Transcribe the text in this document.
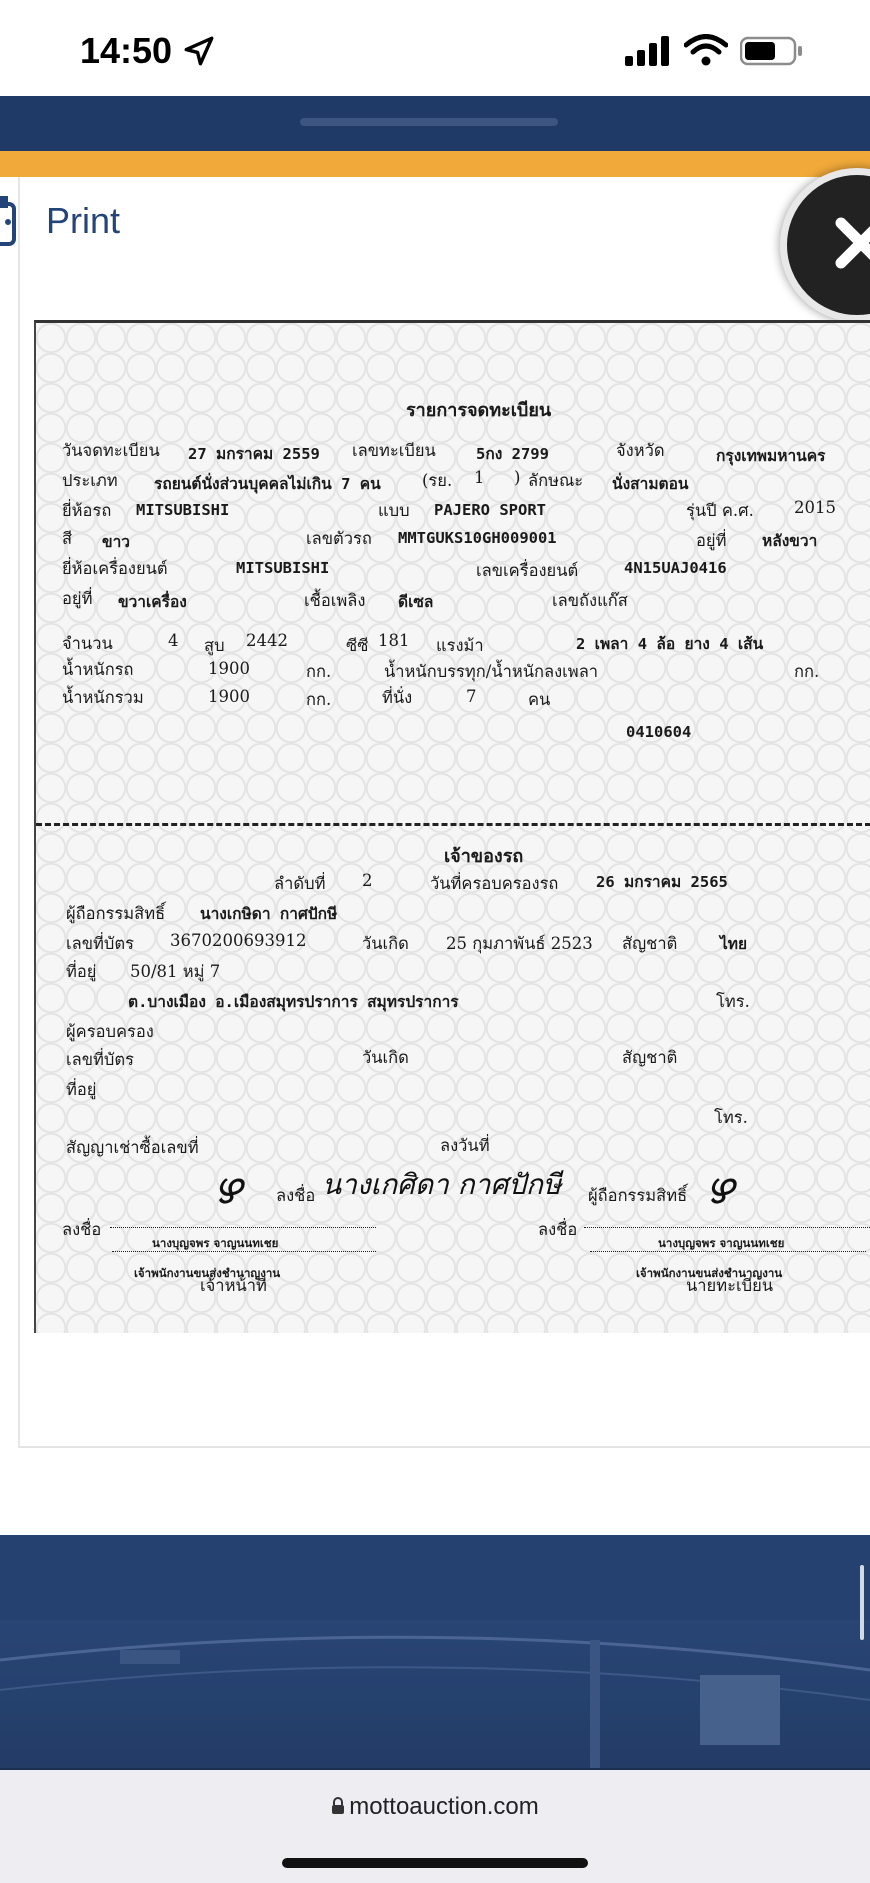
14:50
Print
รายการจดทะเบียน
วันจดทะเบียน 27 มกราคม 2559 เลขทะเบียน	5กง 2799	จังหวัด	กรุงเทพมหานคร
ประเภท รถยนต์นั่งส่วนบุคคลไม่เกิน 7 คน	(รย. 1 ) ลักษณะ นั่งสามตอน
ยี่ห้อรถ MITSUBISHI	แบบ PAJERO SPORT	รุ่นปี ค.ศ. 2015
สี ขาว	เลขตัวรถ MMTGUKS10GH009001	อยู่ที่ หลังขวา
ยี่ห้อเครื่องยนต์	MITSUBISHI	เลขเครื่องยนต์	4N15UAJ0416
อยู่ที่ ขวาเครื่อง	เชื้อเพลิง ดีเซล	เลขถังแก๊ส
จำนวน	4 สูบ 2442	ซีซี 181 แรงม้า	2 เพลา 4 ล้อ ยาง 4 เส้น
น้ำหนักรถ	1900	กก.	น้ำหนักบรรทุก/น้ำหนักลงเพลา	กก.
น้ำหนักรวม	1900	กก.	ที่นั่ง	7	คน
0410604
เจ้าของรถ
ลำดับที่ 2	วันที่ครอบครองรถ 26 มกราคม 2565
ผู้ถือกรรมสิทธิ์ นางเกษิดา กาศปักษี
เลขที่บัตร 3670200693912	วันเกิด 25 กุมภาพันธ์ 2523 สัญชาติ	ไทย
ที่อยู่ 50/81 หมู่ 7
ต.บางเมือง อ.เมืองสมุทรปราการ สมุทรปราการ	โทร.
ผู้ครอบครอง
เลขที่บัตร	วันเกิด	สัญชาติ
ที่อยู่
โทร.
สัญญาเช่าซื้อเลขที่	ลงวันที่
ลงชื่อ นางเกศิดา กาศปักษี ผู้ถือกรรมสิทธิ์
ഴ	ഴ
ลงชื่อ
นางบุญจพร จาญนนทเชย
เจ้าพนักงานขนส่งชำนาญงาน
เจ้าหน้าที่
ลงชื่อ
นางบุญจพร จาญนนทเชย
เจ้าพนักงานขนส่งชำนาญงาน
นายทะเบียน
mottoauction.com
